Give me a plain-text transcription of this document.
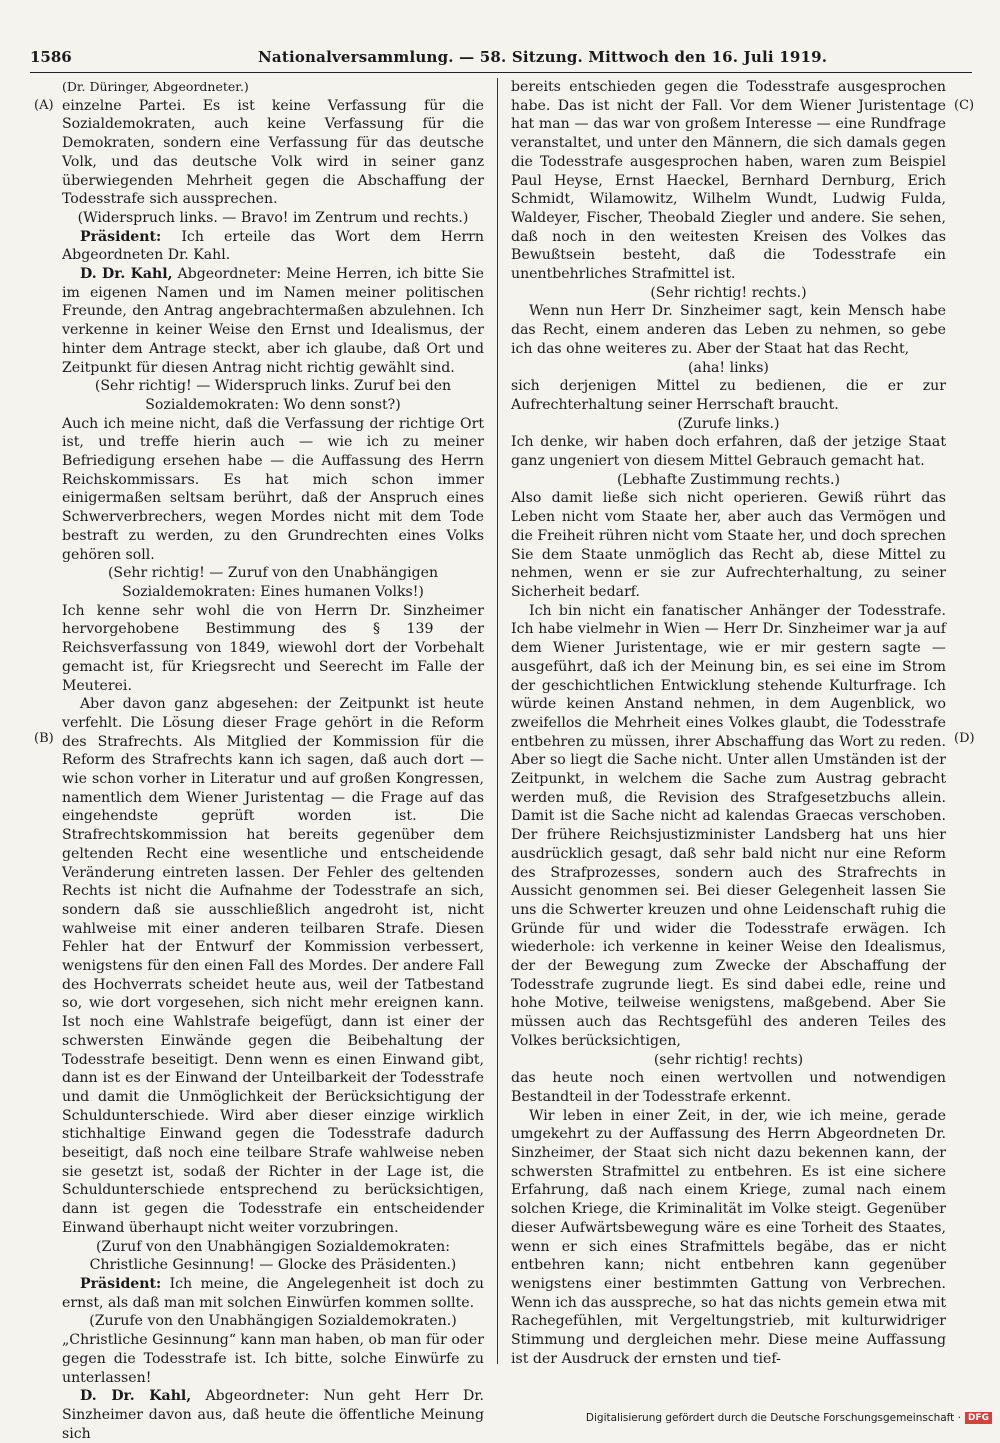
1586	Nationalversammlung. — 58. Sitzung. Mittwoch den 16. Juli 1919.
(A)
(B)
(C)
(D)

(Dr. Düringer, Abgeordneter.)

einzelne Partei. Es ist keine Verfassung für die Sozialdemokraten, auch keine Verfassung für die Demokraten, sondern eine Verfassung für das deutsche Volk, und das deutsche Volk wird in seiner ganz überwiegenden Mehrheit gegen die Abschaffung der Todesstrafe sich aussprechen.

(Widerspruch links. — Bravo! im Zentrum und rechts.)

Präsident: Ich erteile das Wort dem Herrn Abgeordneten Dr. Kahl.

D. Dr. Kahl, Abgeordneter: Meine Herren, ich bitte Sie im eigenen Namen und im Namen meiner politischen Freunde, den Antrag angebrachtermaßen abzulehnen. Ich verkenne in keiner Weise den Ernst und Idealismus, der hinter dem Antrage steckt, aber ich glaube, daß Ort und Zeitpunkt für diesen Antrag nicht richtig gewählt sind.

(Sehr richtig! — Widerspruch links. Zuruf bei den Sozialdemokraten: Wo denn sonst?)

Auch ich meine nicht, daß die Verfassung der richtige Ort ist, und treffe hierin auch — wie ich zu meiner Befriedigung ersehen habe — die Auffassung des Herrn Reichskommissars. Es hat mich schon immer einigermaßen seltsam berührt, daß der Anspruch eines Schwerverbrechers, wegen Mordes nicht mit dem Tode bestraft zu werden, zu den Grundrechten eines Volks gehören soll.

(Sehr richtig! — Zuruf von den Unabhängigen Sozialdemokraten: Eines humanen Volks!)

Ich kenne sehr wohl die von Herrn Dr. Sinzheimer hervorgehobene Bestimmung des § 139 der Reichsverfassung von 1849, wiewohl dort der Vorbehalt gemacht ist, für Kriegsrecht und Seerecht im Falle der Meuterei.

Aber davon ganz abgesehen: der Zeitpunkt ist heute verfehlt. Die Lösung dieser Frage gehört in die Reform des Strafrechts. Als Mitglied der Kommission für die Reform des Strafrechts kann ich sagen, daß auch dort — wie schon vorher in Literatur und auf großen Kongressen, namentlich dem Wiener Juristentag — die Frage auf das eingehendste geprüft worden ist. Die Strafrechtskommission hat bereits gegenüber dem geltenden Recht eine wesentliche und entscheidende Veränderung eintreten lassen. Der Fehler des geltenden Rechts ist nicht die Aufnahme der Todesstrafe an sich, sondern daß sie ausschließlich angedroht ist, nicht wahlweise mit einer anderen teilbaren Strafe. Diesen Fehler hat der Entwurf der Kommission verbessert, wenigstens für den einen Fall des Mordes. Der andere Fall des Hochverrats scheidet heute aus, weil der Tatbestand so, wie dort vorgesehen, sich nicht mehr ereignen kann. Ist noch eine Wahlstrafe beigefügt, dann ist einer der schwersten Einwände gegen die Beibehaltung der Todesstrafe beseitigt. Denn wenn es einen Einwand gibt, dann ist es der Einwand der Unteilbarkeit der Todesstrafe und damit die Unmöglichkeit der Berücksichtigung der Schuldunterschiede. Wird aber dieser einzige wirklich stichhaltige Einwand gegen die Todesstrafe dadurch beseitigt, daß noch eine teilbare Strafe wahlweise neben sie gesetzt ist, sodaß der Richter in der Lage ist, die Schuldunterschiede entsprechend zu berücksichtigen, dann ist gegen die Todesstrafe ein entscheidender Einwand überhaupt nicht weiter vorzubringen.

(Zuruf von den Unabhängigen Sozialdemokraten: Christliche Gesinnung! — Glocke des Präsidenten.)

Präsident: Ich meine, die Angelegenheit ist doch zu ernst, als daß man mit solchen Einwürfen kommen sollte.

(Zurufe von den Unabhängigen Sozialdemokraten.)

„Christliche Gesinnung“ kann man haben, ob man für oder gegen die Todesstrafe ist. Ich bitte, solche Einwürfe zu unterlassen!

D. Dr. Kahl, Abgeordneter: Nun geht Herr Dr. Sinzheimer davon aus, daß heute die öffentliche Meinung sich

bereits entschieden gegen die Todesstrafe ausgesprochen habe. Das ist nicht der Fall. Vor dem Wiener Juristentage hat man — das war von großem Interesse — eine Rundfrage veranstaltet, und unter den Männern, die sich damals gegen die Todesstrafe ausgesprochen haben, waren zum Beispiel Paul Heyse, Ernst Haeckel, Bernhard Dernburg, Erich Schmidt, Wilamowitz, Wilhelm Wundt, Ludwig Fulda, Waldeyer, Fischer, Theobald Ziegler und andere. Sie sehen, daß noch in den weitesten Kreisen des Volkes das Bewußtsein besteht, daß die Todesstrafe ein unentbehrliches Strafmittel ist.

(Sehr richtig! rechts.)

Wenn nun Herr Dr. Sinzheimer sagt, kein Mensch habe das Recht, einem anderen das Leben zu nehmen, so gebe ich das ohne weiteres zu. Aber der Staat hat das Recht,

(aha! links)

sich derjenigen Mittel zu bedienen, die er zur Aufrechterhaltung seiner Herrschaft braucht.

(Zurufe links.)

Ich denke, wir haben doch erfahren, daß der jetzige Staat ganz ungeniert von diesem Mittel Gebrauch gemacht hat.

(Lebhafte Zustimmung rechts.)

Also damit ließe sich nicht operieren. Gewiß rührt das Leben nicht vom Staate her, aber auch das Vermögen und die Freiheit rühren nicht vom Staate her, und doch sprechen Sie dem Staate unmöglich das Recht ab, diese Mittel zu nehmen, wenn er sie zur Aufrechterhaltung, zu seiner Sicherheit bedarf.

Ich bin nicht ein fanatischer Anhänger der Todesstrafe. Ich habe vielmehr in Wien — Herr Dr. Sinzheimer war ja auf dem Wiener Juristentage, wie er mir gestern sagte — ausgeführt, daß ich der Meinung bin, es sei eine im Strom der geschichtlichen Entwicklung stehende Kulturfrage. Ich würde keinen Anstand nehmen, in dem Augenblick, wo zweifellos die Mehrheit eines Volkes glaubt, die Todesstrafe entbehren zu müssen, ihrer Abschaffung das Wort zu reden. Aber so liegt die Sache nicht. Unter allen Umständen ist der Zeitpunkt, in welchem die Sache zum Austrag gebracht werden muß, die Revision des Strafgesetzbuchs allein. Damit ist die Sache nicht ad kalendas Graecas verschoben. Der frühere Reichsjustizminister Landsberg hat uns hier ausdrücklich gesagt, daß sehr bald nicht nur eine Reform des Strafprozesses, sondern auch des Strafrechts in Aussicht genommen sei. Bei dieser Gelegenheit lassen Sie uns die Schwerter kreuzen und ohne Leidenschaft ruhig die Gründe für und wider die Todesstrafe erwägen. Ich wiederhole: ich verkenne in keiner Weise den Idealismus, der der Bewegung zum Zwecke der Abschaffung der Todesstrafe zugrunde liegt. Es sind dabei edle, reine und hohe Motive, teilweise wenigstens, maßgebend. Aber Sie müssen auch das Rechtsgefühl des anderen Teiles des Volkes berücksichtigen,

(sehr richtig! rechts)

das heute noch einen wertvollen und notwendigen Bestandteil in der Todesstrafe erkennt.

Wir leben in einer Zeit, in der, wie ich meine, gerade umgekehrt zu der Auffassung des Herrn Abgeordneten Dr. Sinzheimer, der Staat sich nicht dazu bekennen kann, der schwersten Strafmittel zu entbehren. Es ist eine sichere Erfahrung, daß nach einem Kriege, zumal nach einem solchen Kriege, die Kriminalität im Volke steigt. Gegenüber dieser Aufwärtsbewegung wäre es eine Torheit des Staates, wenn er sich eines Strafmittels begäbe, das er nicht entbehren kann; nicht entbehren kann gegenüber wenigstens einer bestimmten Gattung von Verbrechen. Wenn ich das ausspreche, so hat das nichts gemein etwa mit Rachegefühlen, mit Vergeltungstrieb, mit kulturwidriger Stimmung und dergleichen mehr. Diese meine Auffassung ist der Ausdruck der ernsten und tief-

Digitalisierung gefördert durch die Deutsche Forschungsgemeinschaft · DFG
